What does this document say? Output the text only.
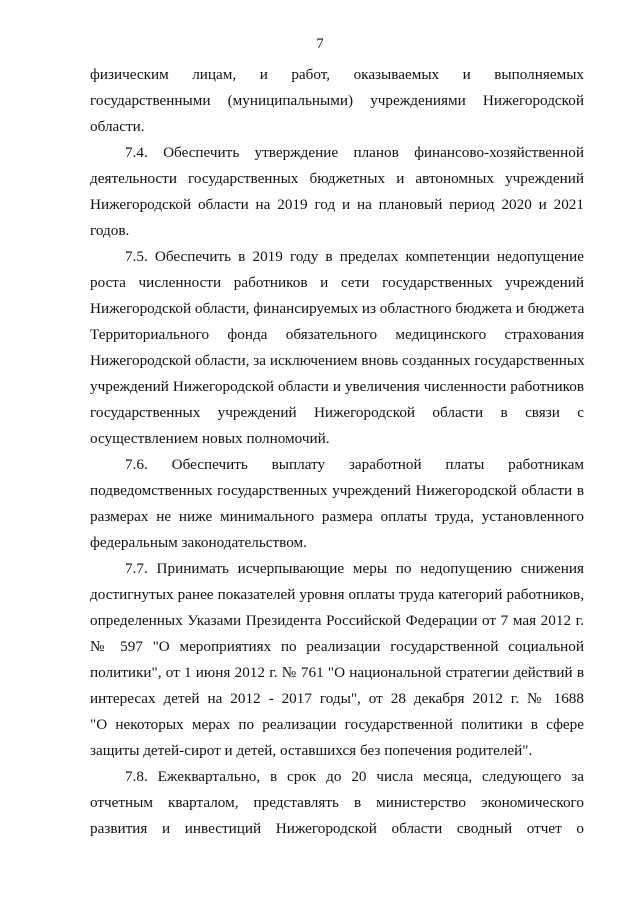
7
физическим лицам, и работ, оказываемых и выполняемых
государственными (муниципальными) учреждениями Нижегородской
области.
7.4. Обеспечить утверждение планов финансово-хозяйственной
деятельности государственных бюджетных и автономных учреждений
Нижегородской области на 2019 год и на плановый период 2020 и 2021
годов.
7.5. Обеспечить в 2019 году в пределах компетенции недопущение
роста численности работников и сети государственных учреждений
Нижегородской области, финансируемых из областного бюджета и бюджета
Территориального фонда обязательного медицинского страхования
Нижегородской области, за исключением вновь созданных государственных
учреждений Нижегородской области и увеличения численности работников
государственных учреждений Нижегородской области в связи с
осуществлением новых полномочий.
7.6. Обеспечить выплату заработной платы работникам
подведомственных государственных учреждений Нижегородской области в
размерах не ниже минимального размера оплаты труда, установленного
федеральным законодательством.
7.7. Принимать исчерпывающие меры по недопущению снижения
достигнутых ранее показателей уровня оплаты труда категорий работников,
определенных Указами Президента Российской Федерации от 7 мая 2012 г.
№ 597 "О мероприятиях по реализации государственной социальной
политики", от 1 июня 2012 г. № 761 "О национальной стратегии действий в
интересах детей на 2012 - 2017 годы", от 28 декабря 2012 г. № 1688
"О некоторых мерах по реализации государственной политики в сфере
защиты детей-сирот и детей, оставшихся без попечения родителей".
7.8. Ежеквартально, в срок до 20 числа месяца, следующего за
отчетным кварталом, представлять в министерство экономического
развития и инвестиций Нижегородской области сводный отчет о
